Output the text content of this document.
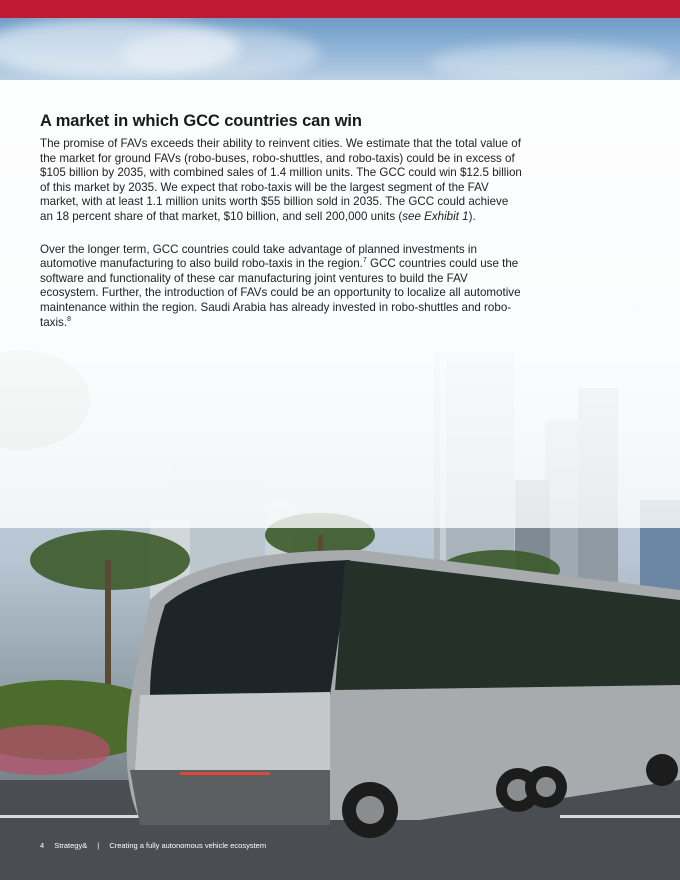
A market in which GCC countries can win

The promise of FAVs exceeds their ability to reinvent cities. We estimate that the total value of the market for ground FAVs (robo-buses, robo-shuttles, and robo-taxis) could be in excess of $105 billion by 2035, with combined sales of 1.4 million units. The GCC could win $12.5 billion of this market by 2035. We expect that robo-taxis will be the largest segment of the FAV market, with at least 1.1 million units worth $55 billion sold in 2035. The GCC could achieve an 18 percent share of that market, $10 billion, and sell 200,000 units (see Exhibit 1).

Over the longer term, GCC countries could take advantage of planned investments in automotive manufacturing to also build robo-taxis in the region.$^7$ GCC countries could use the software and functionality of these car manufacturing joint ventures to build the FAV ecosystem. Further, the introduction of FAVs could be an opportunity to localize all automotive maintenance within the region. Saudi Arabia has already invested in robo-shuttles and robo-taxis.$^8$

4 Strategy& | Creating a fully autonomous vehicle ecosystem
